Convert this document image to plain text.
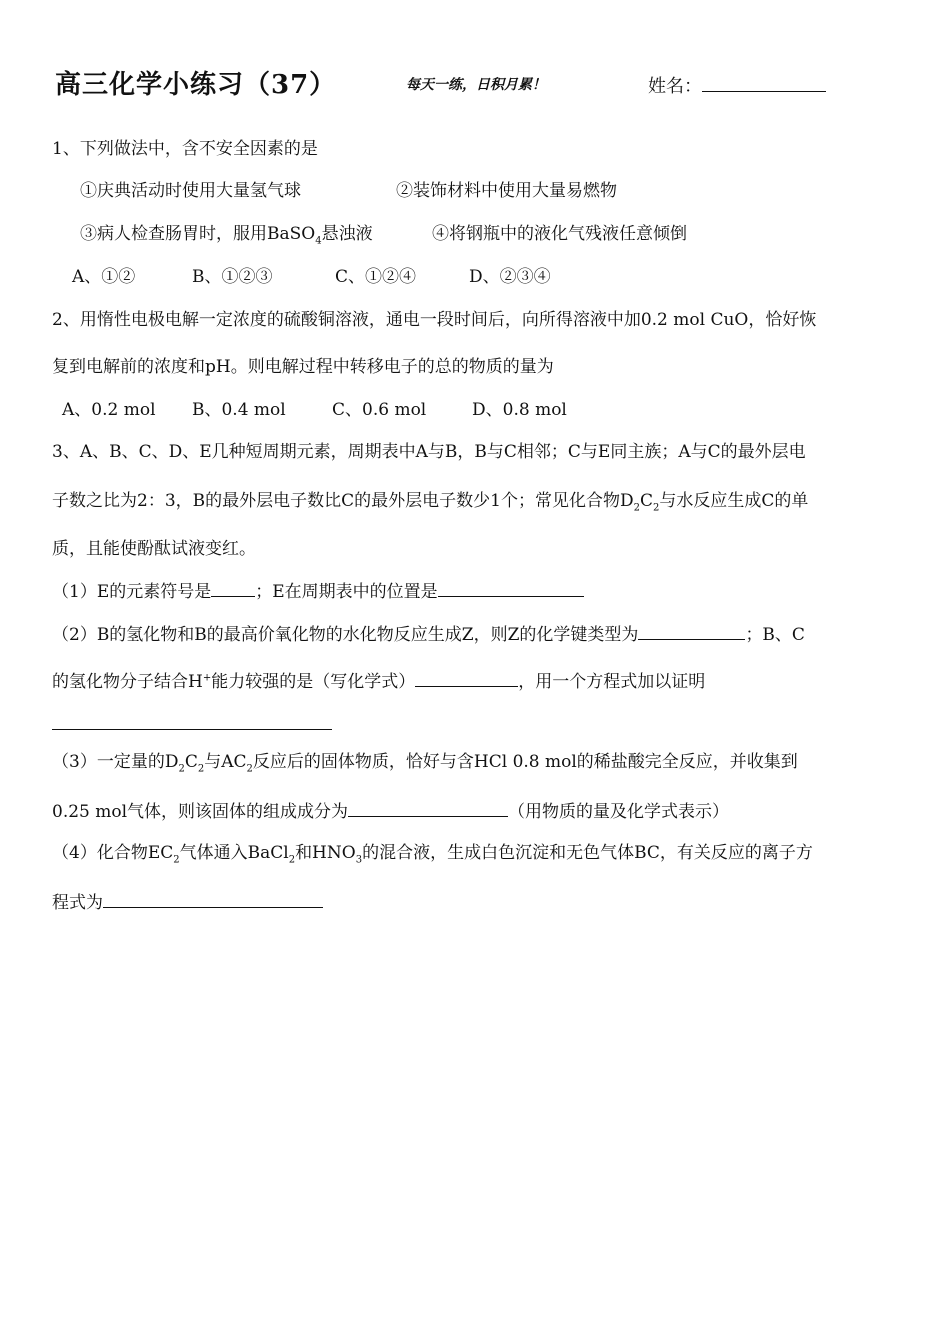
高三化学小练习（37）	每天一练，日积月累！	姓名：
1、下列做法中，含不安全因素的是
①庆典活动时使用大量氢气球	②装饰材料中使用大量易燃物
③病人检查肠胃时，服用BaSO$_4$悬浊液	④将钢瓶中的液化气残液任意倾倒
A、①②	B、①②③	C、①②④	D、②③④
2、用惰性电极电解一定浓度的硫酸铜溶液，通电一段时间后，向所得溶液中加0.2 mol CuO，恰好恢
复到电解前的浓度和pH。则电解过程中转移电子的总的物质的量为
A、0.2 mol B、0.4 mol	C、0.6 mol	D、0.8 mol
3、A、B、C、D、E几种短周期元素，周期表中A与B，B与C相邻；C与E同主族；A与C的最外层电
子数之比为2：3，B的最外层电子数比C的最外层电子数少1个；常见化合物$D_2C_2$与水反应生成C的单
质，且能使酚酞试液变红。
（1）E的元素符号是	；E在周期表中的位置是
（2）B的氢化物和B的最高价氧化物的水化物反应生成Z，则Z的化学键类型为	；B、C
的氢化物分子结合H+能力较强的是（写化学式）	，用一个方程式加以证明
（3）一定量的$D_2C_2$与$AC_2$反应后的固体物质，恰好与含HCl 0.8 mol的稀盐酸完全反应，并收集到
0.25 mol气体，则该固体的组成成分为	（用物质的量及化学式表示）
（4）化合物$EC_2$气体通入BaCl$_2$和$HNO_3$的混合液，生成白色沉淀和无色气体BC，有关反应的离子方
程式为
